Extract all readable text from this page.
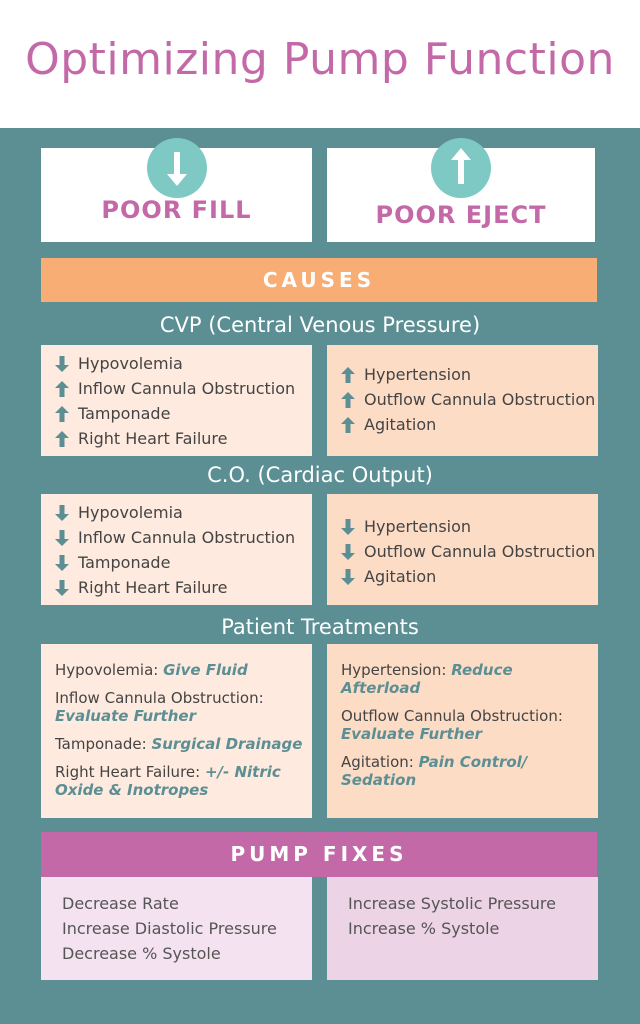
Optimizing Pump Function
POOR FILL	POOR EJECT
CAUSES
CVP (Central Venous Pressure)
Hypovolemia
Inflow Cannula Obstruction
Tamponade
Right Heart Failure
Hypertension
Outflow Cannula Obstruction
Agitation
C.O. (Cardiac Output)
Hypovolemia
Inflow Cannula Obstruction
Tamponade
Right Heart Failure
Hypertension
Outflow Cannula Obstruction
Agitation
Patient Treatments

Hypovolemia: Give Fluid

Inflow Cannula Obstruction: Evaluate Further

Tamponade: Surgical Drainage

Right Heart Failure: +/- Nitric Oxide & Inotropes

Hypertension: Reduce Afterload

Outflow Cannula Obstruction: Evaluate Further

Agitation: Pain Control/ Sedation

PUMP FIXES
Decrease Rate
Increase Diastolic Pressure
Decrease % Systole
Increase Systolic Pressure
Increase % Systole
